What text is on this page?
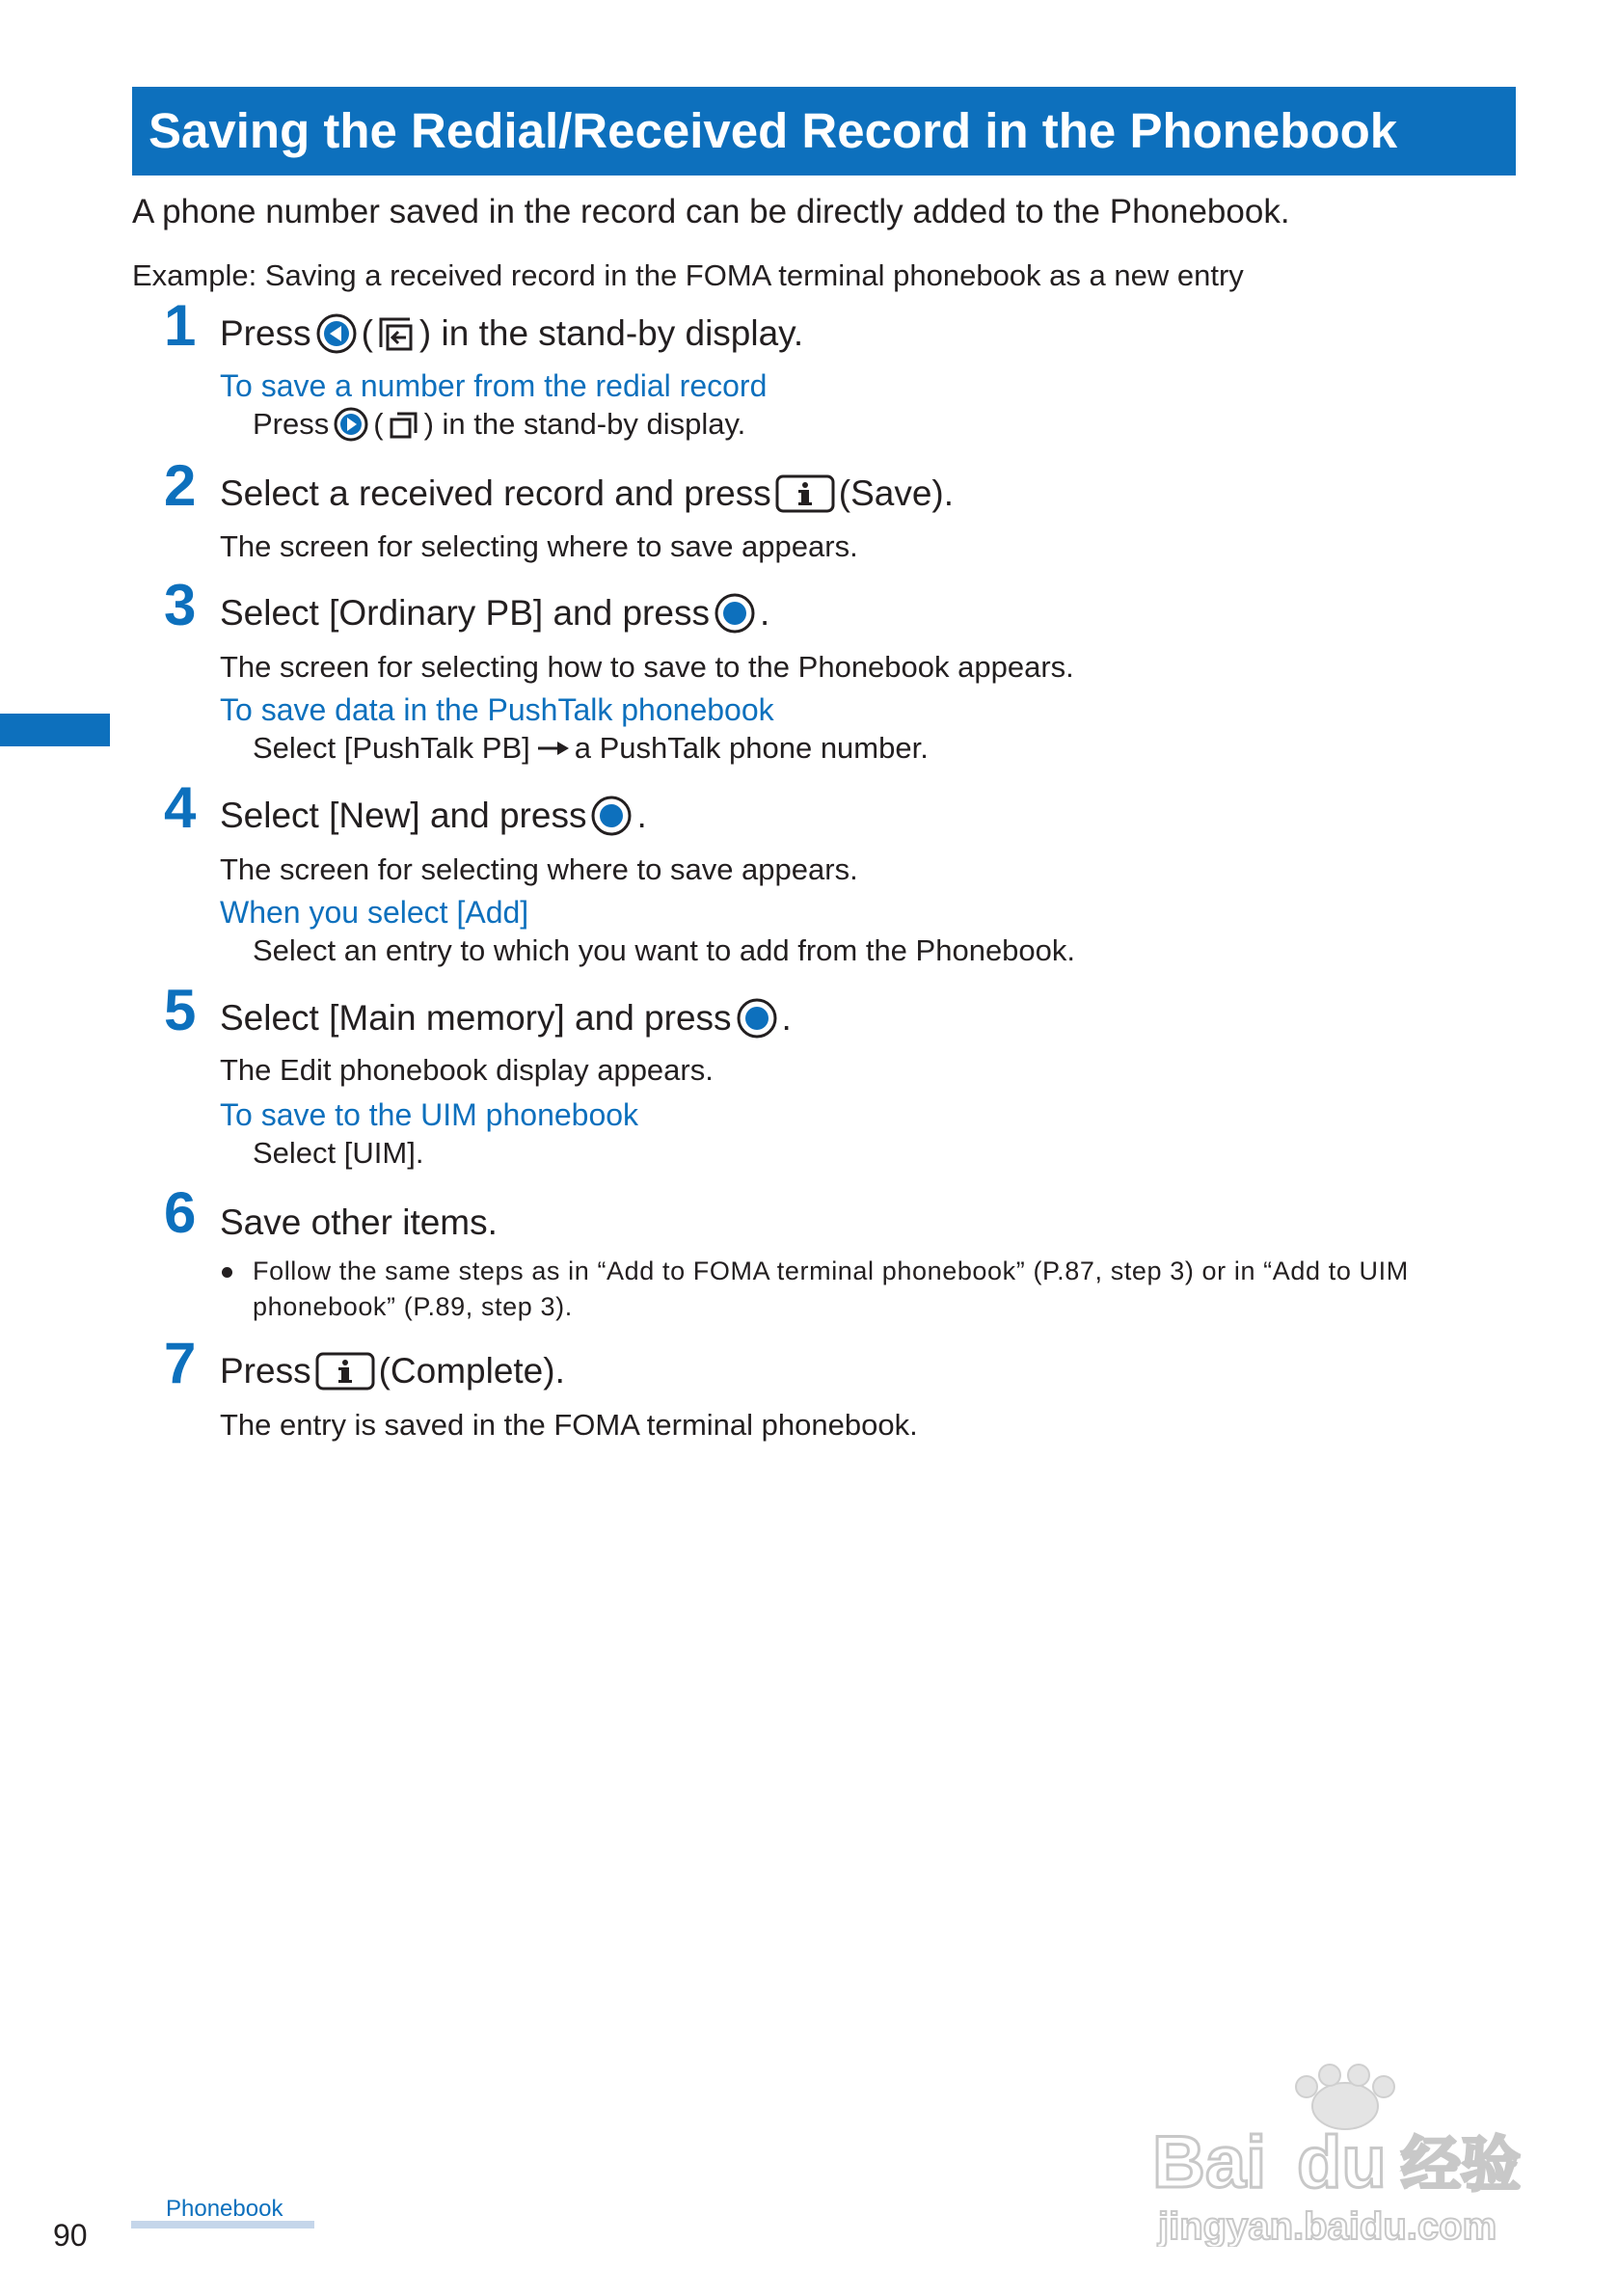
Saving the Redial/Received Record in the Phonebook
A phone number saved in the record can be directly added to the Phonebook.
Example: Saving a received record in the FOMA terminal phonebook as a new entry
1 Press ( ) in the stand-by display.
To save a number from the redial record
Press ( ) in the stand-by display.
2 Select a received record and press (Save).
The screen for selecting where to save appears.
3 Select [Ordinary PB] and press .
The screen for selecting how to save to the Phonebook appears.
To save data in the PushTalk phonebook
Select [PushTalk PB] a PushTalk phone number.
4 Select [New] and press .
The screen for selecting where to save appears.
When you select [Add]
Select an entry to which you want to add from the Phonebook.
5 Select [Main memory] and press .
The Edit phonebook display appears.
To save to the UIM phonebook
Select [UIM].
6 Save other items.
Follow the same steps as in “Add to FOMA terminal phonebook” (P.87, step 3) or in “Add to UIM phonebook” (P.89, step 3).
7 Press (Complete).
The entry is saved in the FOMA terminal phonebook.
Phonebook
90
Bai du 经验
jingyan.baidu.com
